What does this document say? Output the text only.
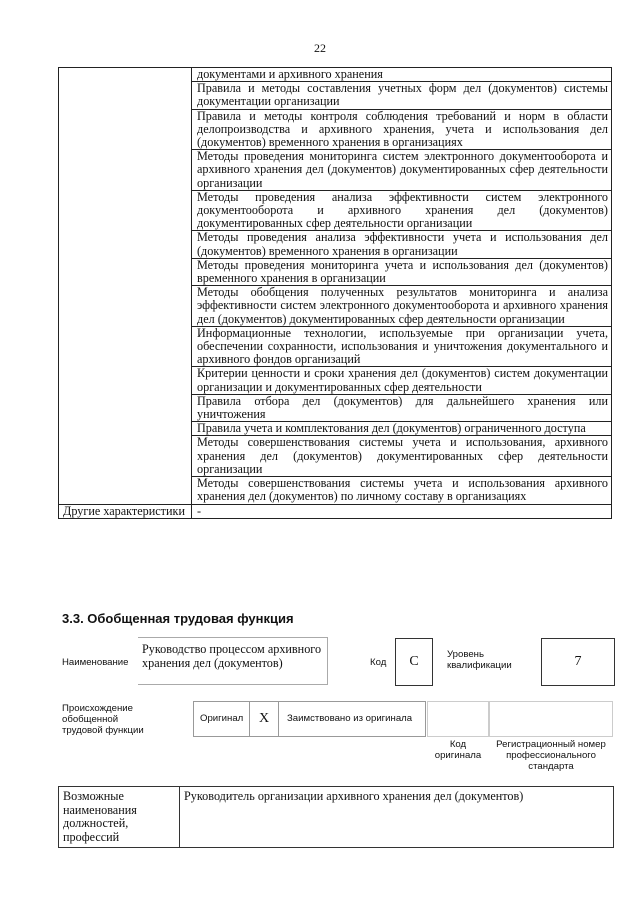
22
	документами и архивного хранения
	Правила и методы составления учетных форм дел (документов) системы документации организации
	Правила и методы контроля соблюдения требований и норм в области делопроизводства и архивного хранения, учета и использования дел (документов) временного хранения в организациях
	Методы проведения мониторинга систем электронного документооборота и архивного хранения дел (документов) документированных сфер деятельности организации
	Методы проведения анализа эффективности систем электронного документооборота и архивного хранения дел (документов) документированных сфер деятельности организации
	Методы проведения анализа эффективности учета и использования дел (документов) временного хранения в организации
	Методы проведения мониторинга учета и использования дел (документов) временного хранения в организации
	Методы обобщения полученных результатов мониторинга и анализа эффективности систем электронного документооборота и архивного хранения дел (документов) документированных сфер деятельности организации
	Информационные технологии, используемые при организации учета, обеспечении сохранности, использования и уничтожения документального и архивного фондов организаций
	Критерии ценности и сроки хранения дел (документов) систем документации организации и документированных сфер деятельности
	Правила отбора дел (документов) для дальнейшего хранения или уничтожения
	Правила учета и комплектования дел (документов) ограниченного доступа
	Методы совершенствования системы учета и использования, архивного хранения дел (документов) документированных сфер деятельности организации
	Методы совершенствования системы учета и использования архивного хранения дел (документов) по личному составу в организациях
Другие характеристики	-
3.3. Обобщенная трудовая функция
Наименование
Руководство процессом архивного хранения дел (документов)	Код	C	Уровень квалификации	7
Происхождение обобщенной трудовой функции
Оригинал	X	Заимствовано из оригинала
Код оригинала
Регистрационный номер профессионального стандарта
Возможные наименования должностей, профессий	Руководитель организации архивного хранения дел (документов)
